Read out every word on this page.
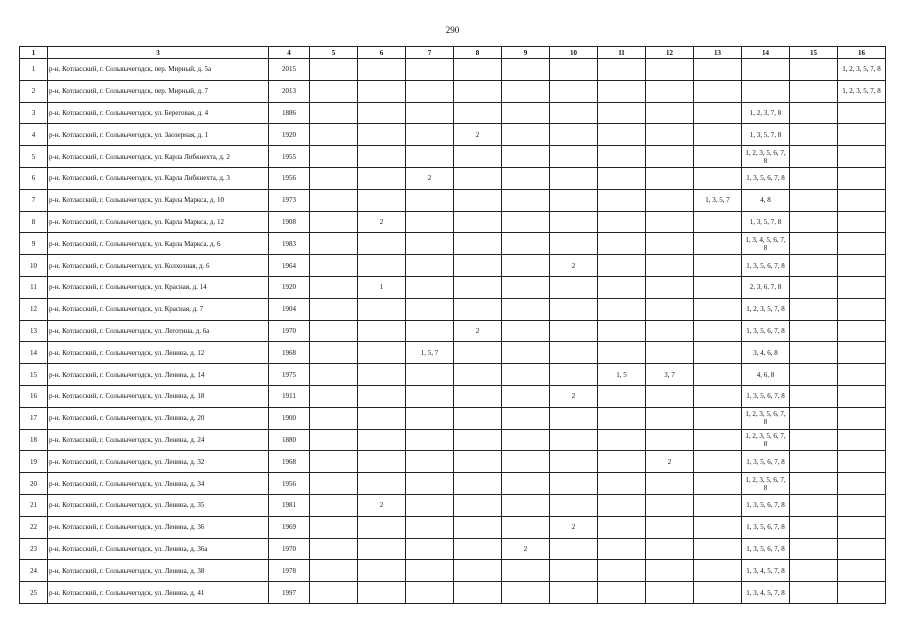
290
1	3	4	5	6	7	8	9	10	11	12	13	14	15	16
1	р-н. Котласский, г. Сольвычегодск, пер. Мирный, д. 5а	2015												1, 2, 3, 5, 7, 8
2	р-н. Котласский, г. Сольвычегодск, пер. Мирный, д. 7	2013												1, 2, 3, 5, 7, 8
3	р-н. Котласский, г. Сольвычегодск, ул. Береговая, д. 4	1886										1, 2, 3, 7, 8		
4	р-н. Котласский, г. Сольвычегодск, ул. Заозерная, д. 1	1920				2						1, 3, 5, 7, 8		
5	р-н. Котласский, г. Сольвычегодск, ул. Карла Либкнехта, д. 2	1955										1, 2, 3, 5, 6, 7, 8		
6	р-н. Котласский, г. Сольвычегодск, ул. Карла Либкнехта, д. 3	1956			2							1, 3, 5, 6, 7, 8		
7	р-н. Котласский, г. Сольвычегодск, ул. Карла Маркса, д. 10	1973									1, 3, 5, 7	4, 8		
8	р-н. Котласский, г. Сольвычегодск, ул. Карла Маркса, д. 12	1908		2								1, 3, 5, 7, 8		
9	р-н. Котласский, г. Сольвычегодск, ул. Карла Маркса, д. 6	1983										1, 3, 4, 5, 6, 7, 8		
10	р-н. Котласский, г. Сольвычегодск, ул. Колхозная, д. 6	1964						2				1, 3, 5, 6, 7, 8		
11	р-н. Котласский, г. Сольвычегодск, ул. Красная, д. 14	1920		1								2, 3, 6, 7, 8		
12	р-н. Котласский, г. Сольвычегодск, ул. Красная, д. 7	1904										1, 2, 3, 5, 7, 8		
13	р-н. Котласский, г. Сольвычегодск, ул. Леготина, д. 6а	1970				2						1, 3, 5, 6, 7, 8		
14	р-н. Котласский, г. Сольвычегодск, ул. Ленина, д. 12	1968			1, 5, 7							3, 4, 6, 8		
15	р-н. Котласский, г. Сольвычегодск, ул. Ленина, д. 14	1975							1, 5	3, 7		4, 6, 8		
16	р-н. Котласский, г. Сольвычегодск, ул. Ленина, д. 18	1911						2				1, 3, 5, 6, 7, 8		
17	р-н. Котласский, г. Сольвычегодск, ул. Ленина, д. 20	1900										1, 2, 3, 5, 6, 7, 8		
18	р-н. Котласский, г. Сольвычегодск, ул. Ленина, д. 24	1880										1, 2, 3, 5, 6, 7, 8		
19	р-н. Котласский, г. Сольвычегодск, ул. Ленина, д. 32	1968								2		1, 3, 5, 6, 7, 8		
20	р-н. Котласский, г. Сольвычегодск, ул. Ленина, д. 34	1956										1, 2, 3, 5, 6, 7, 8		
21	р-н. Котласский, г. Сольвычегодск, ул. Ленина, д. 35	1981		2								1, 3, 5, 6, 7, 8		
22	р-н. Котласский, г. Сольвычегодск, ул. Ленина, д. 36	1969						2				1, 3, 5, 6, 7, 8		
23	р-н. Котласский, г. Сольвычегодск, ул. Ленина, д. 36а	1970					2					1, 3, 5, 6, 7, 8		
24	р-н. Котласский, г. Сольвычегодск, ул. Ленина, д. 38	1978										1, 3, 4, 5, 7, 8		
25	р-н. Котласский, г. Сольвычегодск, ул. Ленина, д. 41	1997										1, 3, 4, 5, 7, 8		
